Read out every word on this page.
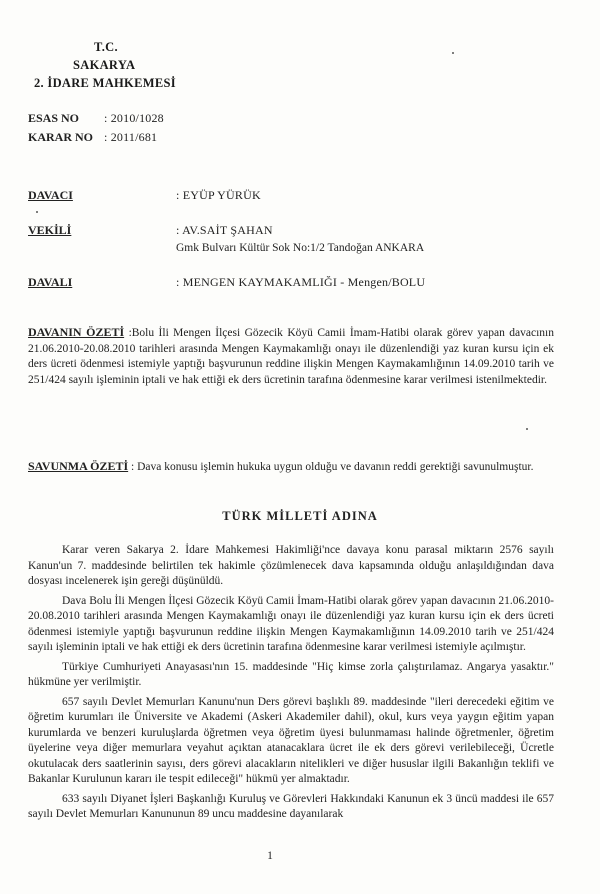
T.C.
SAKARYA
2. İDARE MAHKEMESİ
ESAS NO : 2010/1028
KARAR NO : 2011/681
DAVACI	: EYÜP YÜRÜK
VEKİLİ	: AV.SAİT ŞAHAN
Gmk Bulvarı Kültür Sok No:1/2 Tandoğan ANKARA
DAVALI	: MENGEN KAYMAKAMLIĞI - Mengen/BOLU
DAVANIN ÖZETİ :Bolu İli Mengen İlçesi Gözecik Köyü Camii İmam-Hatibi olarak görev yapan davacının 21.06.2010-20.08.2010 tarihleri arasında Mengen Kaymakamlığı onayı ile düzenlendiği yaz kuran kursu için ek ders ücreti ödenmesi istemiyle yaptığı başvurunun reddine ilişkin Mengen Kaymakamlığının 14.09.2010 tarih ve 251/424 sayılı işleminin iptali ve hak ettiği ek ders ücretinin tarafına ödenmesine karar verilmesi istenilmektedir.
SAVUNMA ÖZETİ : Dava konusu işlemin hukuka uygun olduğu ve davanın reddi gerektiği savunulmuştur.
TÜRK MİLLETİ ADINA

Karar veren Sakarya 2. İdare Mahkemesi Hakimliği'nce davaya konu parasal miktarın 2576 sayılı Kanun'un 7. maddesinde belirtilen tek hakimle çözümlenecek dava kapsamında olduğu anlaşıldığından dava dosyası incelenerek işin gereği düşünüldü.

Dava Bolu İli Mengen İlçesi Gözecik Köyü Camii İmam-Hatibi olarak görev yapan davacının 21.06.2010-20.08.2010 tarihleri arasında Mengen Kaymakamlığı onayı ile düzenlendiği yaz kuran kursu için ek ders ücreti ödenmesi istemiyle yaptığı başvurunun reddine ilişkin Mengen Kaymakamlığının 14.09.2010 tarih ve 251/424 sayılı işleminin iptali ve hak ettiği ek ders ücretinin tarafına ödenmesine karar verilmesi istemiyle açılmıştır.

Türkiye Cumhuriyeti Anayasası'nın 15. maddesinde "Hiç kimse zorla çalıştırılamaz. Angarya yasaktır." hükmüne yer verilmiştir.

657 sayılı Devlet Memurları Kanunu'nun Ders görevi başlıklı 89. maddesinde "ileri derecedeki eğitim ve öğretim kurumları ile Üniversite ve Akademi (Askeri Akademiler dahil), okul, kurs veya yaygın eğitim yapan kurumlarda ve benzeri kuruluşlarda öğretmen veya öğretim üyesi bulunmaması halinde öğretmenler, öğretim üyelerine veya diğer memurlara veyahut açıktan atanacaklara ücret ile ek ders görevi verilebileceği, Ücretle okutulacak ders saatlerinin sayısı, ders görevi alacakların nitelikleri ve diğer hususlar ilgili Bakanlığın teklifi ve Bakanlar Kurulunun kararı ile tespit edileceği" hükmü yer almaktadır.

633 sayılı Diyanet İşleri Başkanlığı Kuruluş ve Görevleri Hakkındaki Kanunun ek 3 üncü maddesi ile 657 sayılı Devlet Memurları Kanununun 89 uncu maddesine dayanılarak

1
